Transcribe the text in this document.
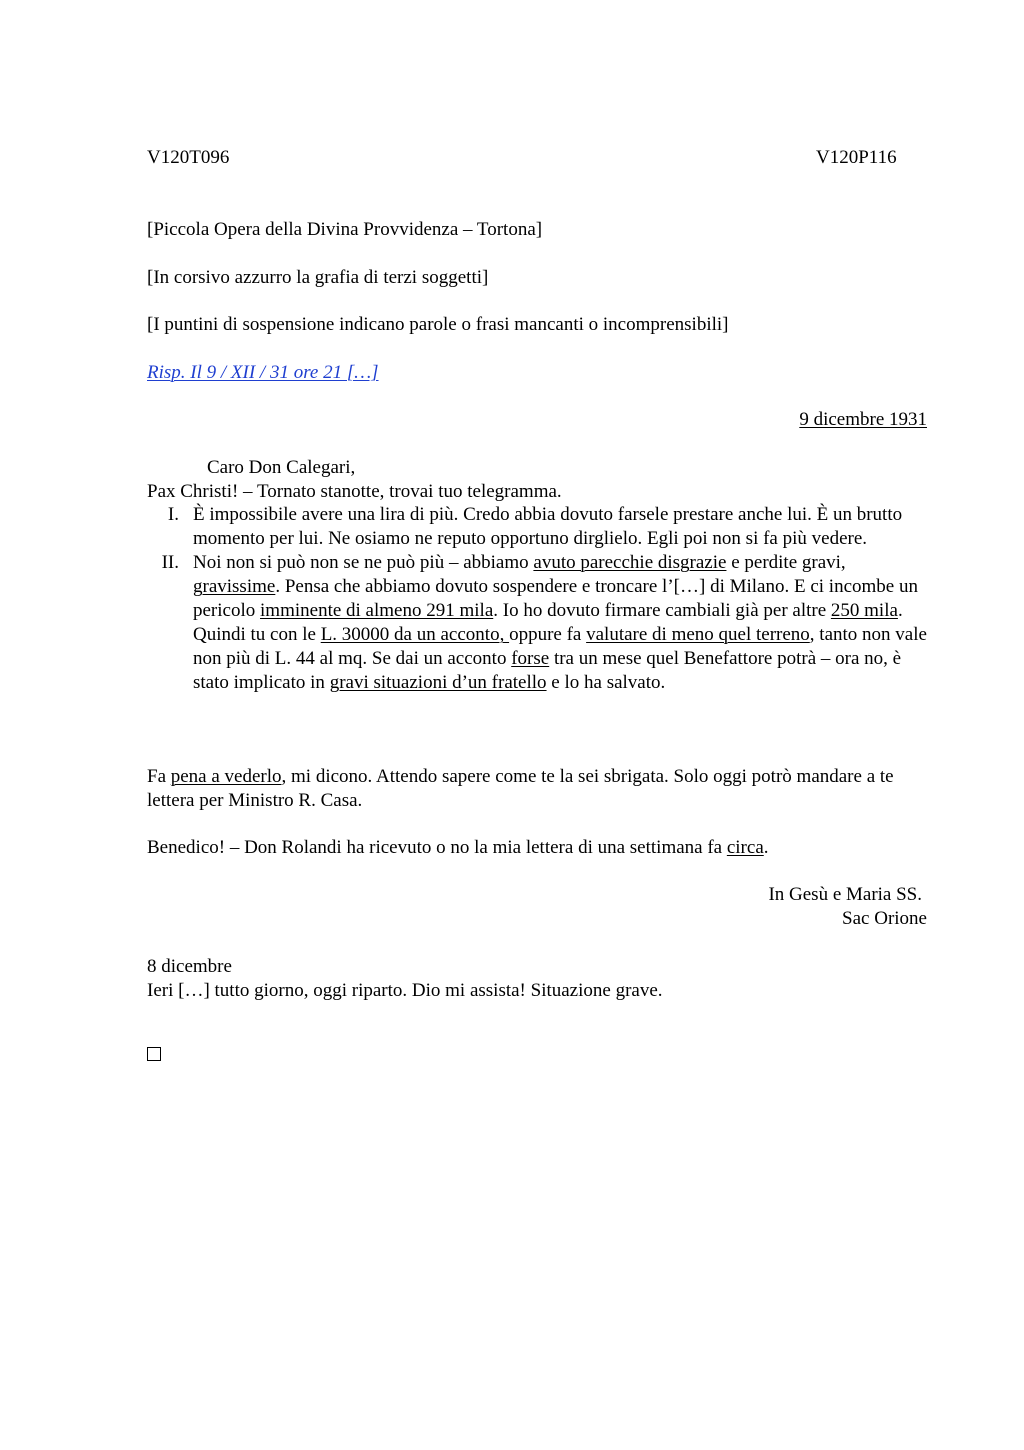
V120T096	V120P116
[Piccola Opera della Divina Provvidenza – Tortona]
[In corsivo azzurro la grafia di terzi soggetti]
[I puntini di sospensione indicano parole o frasi mancanti o incomprensibili]
Risp. Il 9 / XII / 31 ore 21 […]
9 dicembre 1931
Caro Don Calegari,
Pax Christi! – Tornato stanotte, trovai tuo telegramma.
I. È impossibile avere una lira di più. Credo abbia dovuto farsele prestare anche lui. È un brutto momento per lui. Ne osiamo ne reputo opportuno dirglielo. Egli poi non si fa più vedere.
II. Noi non si può non se ne può più – abbiamo avuto parecchie disgrazie e perdite gravi, gravissime. Pensa che abbiamo dovuto sospendere e troncare l’[…] di Milano. E ci incombe un pericolo imminente di almeno 291 mila. Io ho dovuto firmare cambiali già per altre 250 mila. Quindi tu con le L. 30000 da un acconto, oppure fa valutare di meno quel terreno, tanto non vale non più di L. 44 al mq. Se dai un acconto forse tra un mese quel Benefattore potrà – ora no, è stato implicato in gravi situazioni d’un fratello e lo ha salvato.
Fa pena a vederlo, mi dicono. Attendo sapere come te la sei sbrigata. Solo oggi potrò mandare a te lettera per Ministro R. Casa.
Benedico! – Don Rolandi ha ricevuto o no la mia lettera di una settimana fa circa.
In Gesù e Maria SS.
Sac Orione
8 dicembre
Ieri […] tutto giorno, oggi riparto. Dio mi assista! Situazione grave.
